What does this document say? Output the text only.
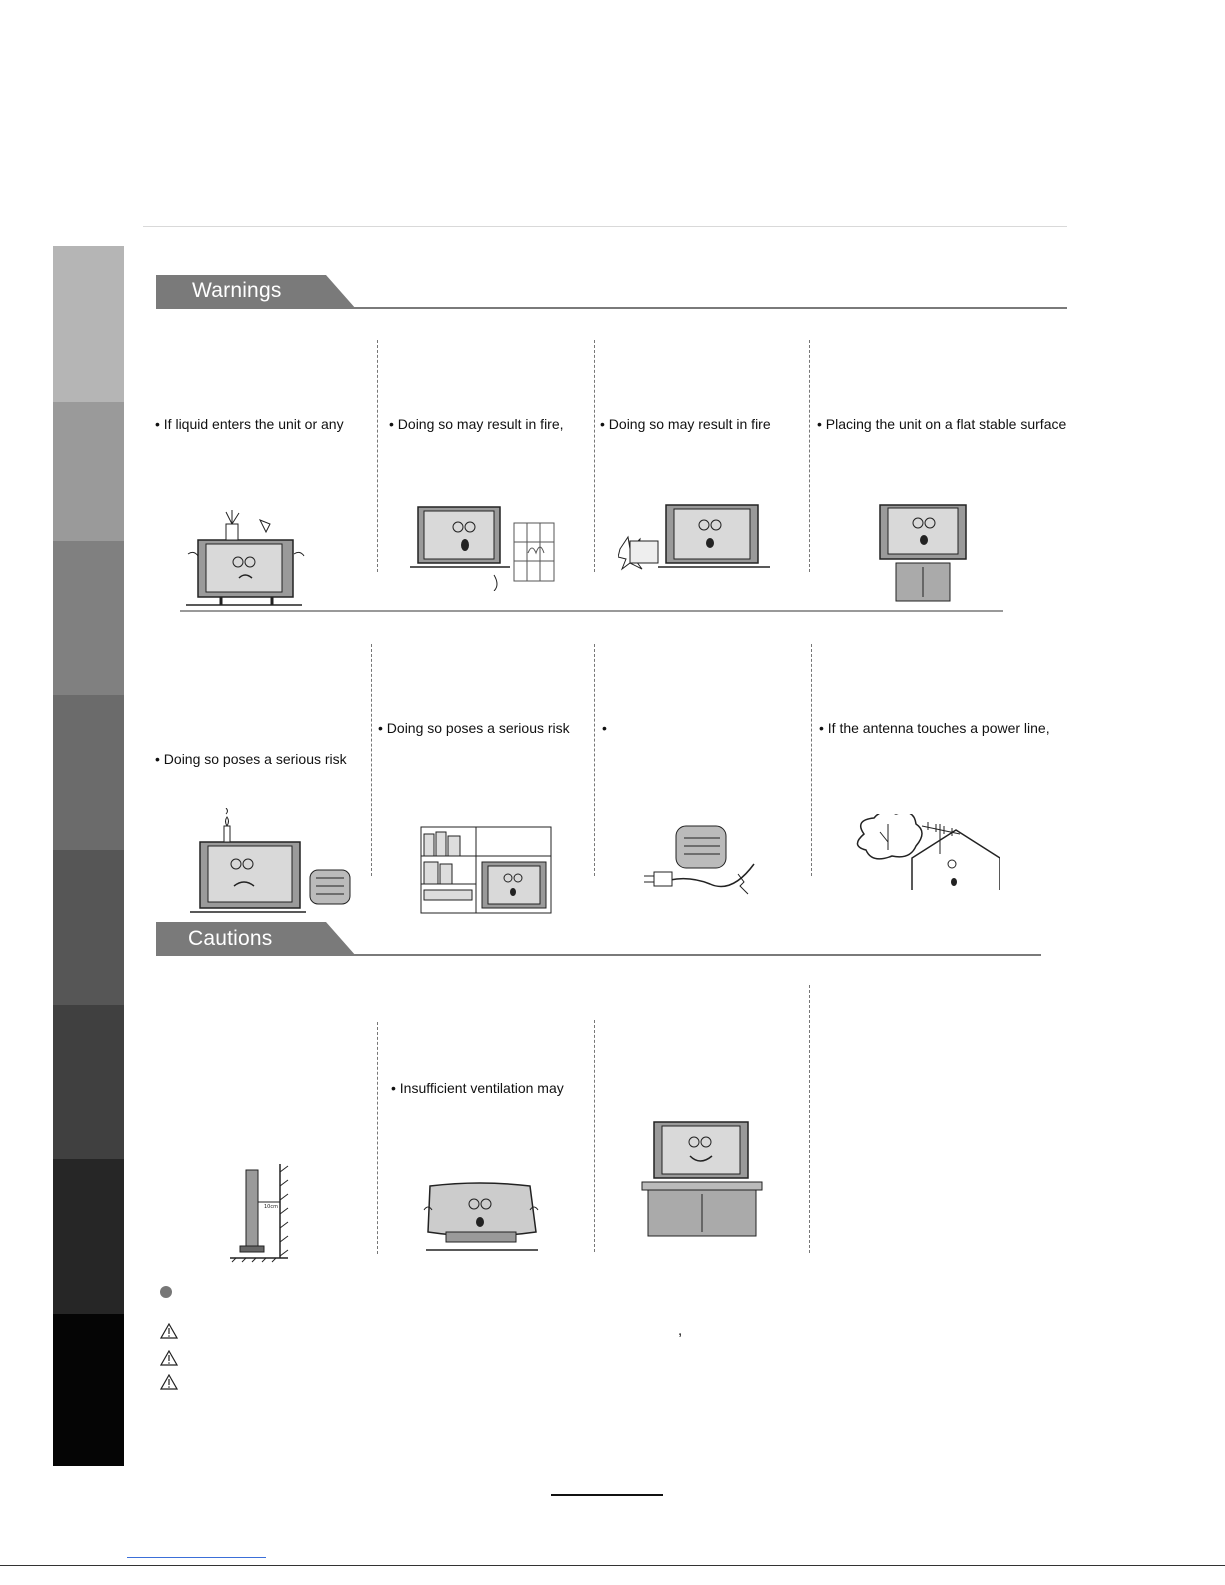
Warnings
• If liquid enters the unit or any	• Doing so may result in fire,	• Doing so may result in fire	• Placing the unit on a flat stable surface
• Doing so poses a serious risk
• Doing so poses a serious risk •	• If the antenna touches a power line,
Cautions
• Insufficient ventilation may
10cm
,
